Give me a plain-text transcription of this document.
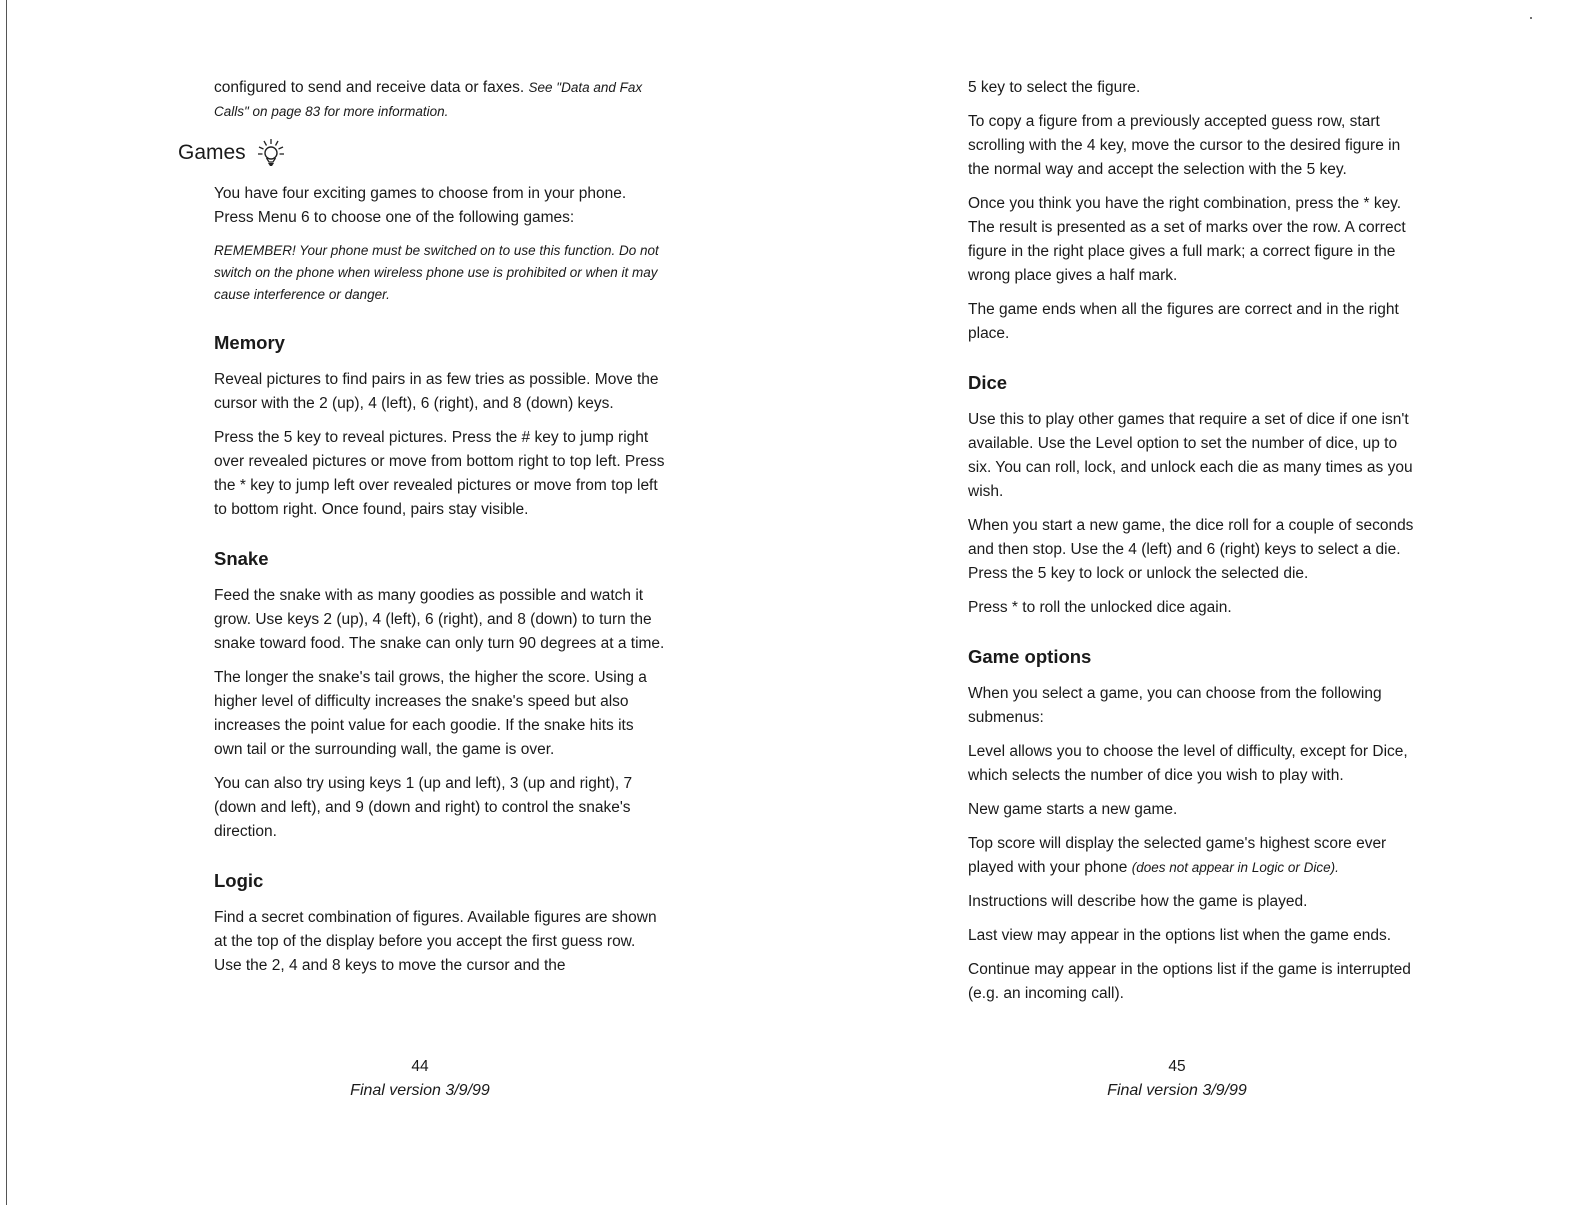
configured to send and receive data or faxes. See "Data and Fax Calls" on page 83 for more information.

Games

You have four exciting games to choose from in your phone. Press Menu 6 to choose one of the following games:

REMEMBER! Your phone must be switched on to use this function. Do not switch on the phone when wireless phone use is prohibited or when it may cause interference or danger.

Memory

Reveal pictures to find pairs in as few tries as possible. Move the cursor with the 2 (up), 4 (left), 6 (right), and 8 (down) keys.

Press the 5 key to reveal pictures. Press the # key to jump right over revealed pictures or move from bottom right to top left. Press the * key to jump left over revealed pictures or move from top left to bottom right. Once found, pairs stay visible.

Snake

Feed the snake with as many goodies as possible and watch it grow. Use keys 2 (up), 4 (left), 6 (right), and 8 (down) to turn the snake toward food. The snake can only turn 90 degrees at a time.

The longer the snake's tail grows, the higher the score. Using a higher level of difficulty increases the snake's speed but also increases the point value for each goodie. If the snake hits its own tail or the surrounding wall, the game is over.

You can also try using keys 1 (up and left), 3 (up and right), 7 (down and left), and 9 (down and right) to control the snake's direction.

Logic

Find a secret combination of figures. Available figures are shown at the top of the display before you accept the first guess row. Use the 2, 4 and 8 keys to move the cursor and the

44
Final version 3/9/99

5 key to select the figure.

To copy a figure from a previously accepted guess row, start scrolling with the 4 key, move the cursor to the desired figure in the normal way and accept the selection with the 5 key.

Once you think you have the right combination, press the * key. The result is presented as a set of marks over the row. A correct figure in the right place gives a full mark; a correct figure in the wrong place gives a half mark.

The game ends when all the figures are correct and in the right place.

Dice

Use this to play other games that require a set of dice if one isn't available. Use the Level option to set the number of dice, up to six. You can roll, lock, and unlock each die as many times as you wish.

When you start a new game, the dice roll for a couple of seconds and then stop. Use the 4 (left) and 6 (right) keys to select a die. Press the 5 key to lock or unlock the selected die.

Press * to roll the unlocked dice again.

Game options

When you select a game, you can choose from the following submenus:

Level allows you to choose the level of difficulty, except for Dice, which selects the number of dice you wish to play with.

New game starts a new game.

Top score will display the selected game's highest score ever played with your phone (does not appear in Logic or Dice).

Instructions will describe how the game is played.

Last view may appear in the options list when the game ends.

Continue may appear in the options list if the game is interrupted (e.g. an incoming call).

45
Final version 3/9/99
